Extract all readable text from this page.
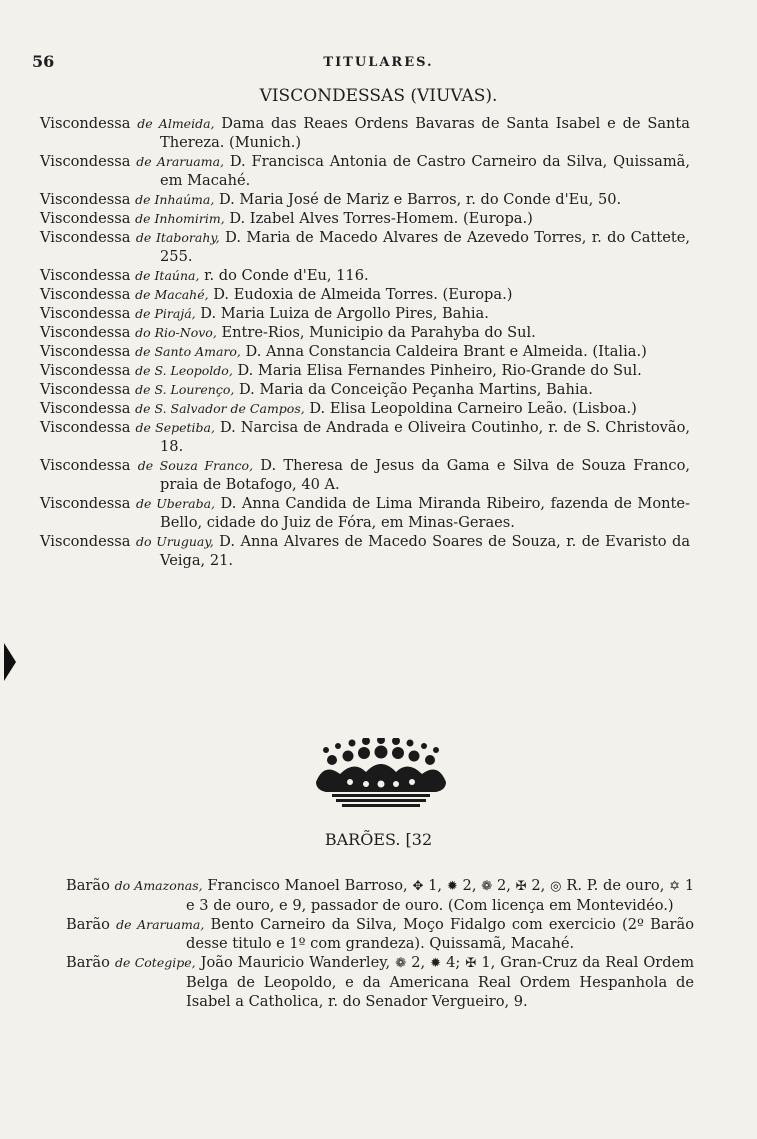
56	TITULARES.
VISCONDESSAS (VIUVAS).
Viscondessa de Almeida, Dama das Reaes Ordens Bavaras de Santa Isabel e de Santa Thereza. (Munich.)
Viscondessa de Araruama, D. Francisca Antonia de Castro Carneiro da Silva, Quissamã, em Macahé.
Viscondessa de Inhaúma, D. Maria José de Mariz e Barros, r. do Conde d'Eu, 50.
Viscondessa de Inhomirim, D. Izabel Alves Torres-Homem. (Europa.)
Viscondessa de Itaborahy, D. Maria de Macedo Alvares de Azevedo Torres, r. do Cattete, 255.
Viscondessa de Itaúna, r. do Conde d'Eu, 116.
Viscondessa de Macahé, D. Eudoxia de Almeida Torres. (Europa.)
Viscondessa de Pirajá, D. Maria Luiza de Argollo Pires, Bahia.
Viscondessa do Rio-Novo, Entre-Rios, Municipio da Parahyba do Sul.
Viscondessa de Santo Amaro, D. Anna Constancia Caldeira Brant e Almeida. (Italia.)
Viscondessa de S. Leopoldo, D. Maria Elisa Fernandes Pinheiro, Rio-Grande do Sul.
Viscondessa de S. Lourenço, D. Maria da Conceição Peçanha Martins, Bahia.
Viscondessa de S. Salvador de Campos, D. Elisa Leopoldina Carneiro Leão. (Lisboa.)
Viscondessa de Sepetiba, D. Narcisa de Andrada e Oliveira Coutinho, r. de S. Christovão, 18.
Viscondessa de Souza Franco, D. Theresa de Jesus da Gama e Silva de Souza Franco, praia de Botafogo, 40 A.
Viscondessa de Uberaba, D. Anna Candida de Lima Miranda Ribeiro, fazenda de Monte-Bello, cidade do Juiz de Fóra, em Minas-Geraes.
Viscondessa do Uruguay, D. Anna Alvares de Macedo Soares de Souza, r. de Evaristo da Veiga, 21.
BARÕES. [32
Barão do Amazonas, Francisco Manoel Barroso, ✥ 1, ✹ 2, ❁ 2, ✠ 2, ◎ R. P. de ouro, ✡ 1 e 3 de ouro, e 9, passador de ouro. (Com licença em Montevidéo.)
Barão de Araruama, Bento Carneiro da Silva, Moço Fidalgo com exercicio (2º Barão desse titulo e 1º com grandeza). Quissamã, Macahé.
Barão de Cotegipe, João Mauricio Wanderley, ❁ 2, ✹ 4; ✠ 1, Gran-Cruz da Real Ordem Belga de Leopoldo, e da Americana Real Ordem Hespanhola de Isabel a Catholica, r. do Senador Vergueiro, 9.
